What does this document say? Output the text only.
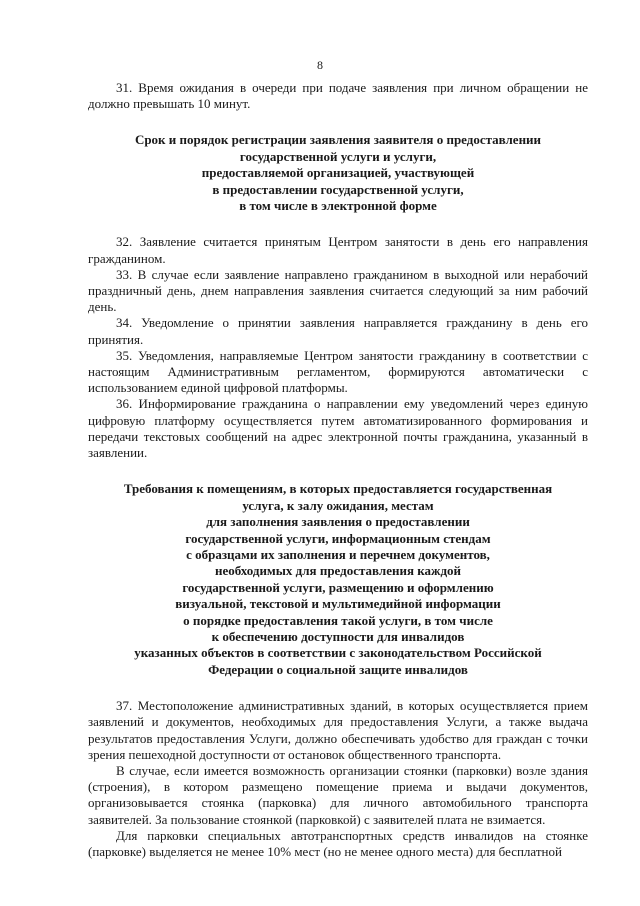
8

31. Время ожидания в очереди при подаче заявления при личном обращении не должно превышать 10 минут.

Срок и порядок регистрации заявления заявителя о предоставлении
государственной услуги и услуги,
предоставляемой организацией, участвующей
в предоставлении государственной услуги,
в том числе в электронной форме

32. Заявление считается принятым Центром занятости в день его направления гражданином.

33. В случае если заявление направлено гражданином в выходной или нерабочий праздничный день, днем направления заявления считается следующий за ним рабочий день.

34. Уведомление о принятии заявления направляется гражданину в день его принятия.

35. Уведомления, направляемые Центром занятости гражданину в соответствии с настоящим Административным регламентом, формируются автоматически с использованием единой цифровой платформы.

36. Информирование гражданина о направлении ему уведомлений через единую цифровую платформу осуществляется путем автоматизированного формирования и передачи текстовых сообщений на адрес электронной почты гражданина, указанный в заявлении.

Требования к помещениям, в которых предоставляется государственная
услуга, к залу ожидания, местам
для заполнения заявления о предоставлении
государственной услуги, информационным стендам
с образцами их заполнения и перечнем документов,
необходимых для предоставления каждой
государственной услуги, размещению и оформлению
визуальной, текстовой и мультимедийной информации
о порядке предоставления такой услуги, в том числе
к обеспечению доступности для инвалидов
указанных объектов в соответствии с законодательством Российской
Федерации о социальной защите инвалидов

37. Местоположение административных зданий, в которых осуществляется прием заявлений и документов, необходимых для предоставления Услуги, а также выдача результатов предоставления Услуги, должно обеспечивать удобство для граждан с точки зрения пешеходной доступности от остановок общественного транспорта.

В случае, если имеется возможность организации стоянки (парковки) возле здания (строения), в котором размещено помещение приема и выдачи документов, организовывается стоянка (парковка) для личного автомобильного транспорта заявителей. За пользование стоянкой (парковкой) с заявителей плата не взимается.

Для парковки специальных автотранспортных средств инвалидов на стоянке (парковке) выделяется не менее 10% мест (но не менее одного места) для бесплатной
